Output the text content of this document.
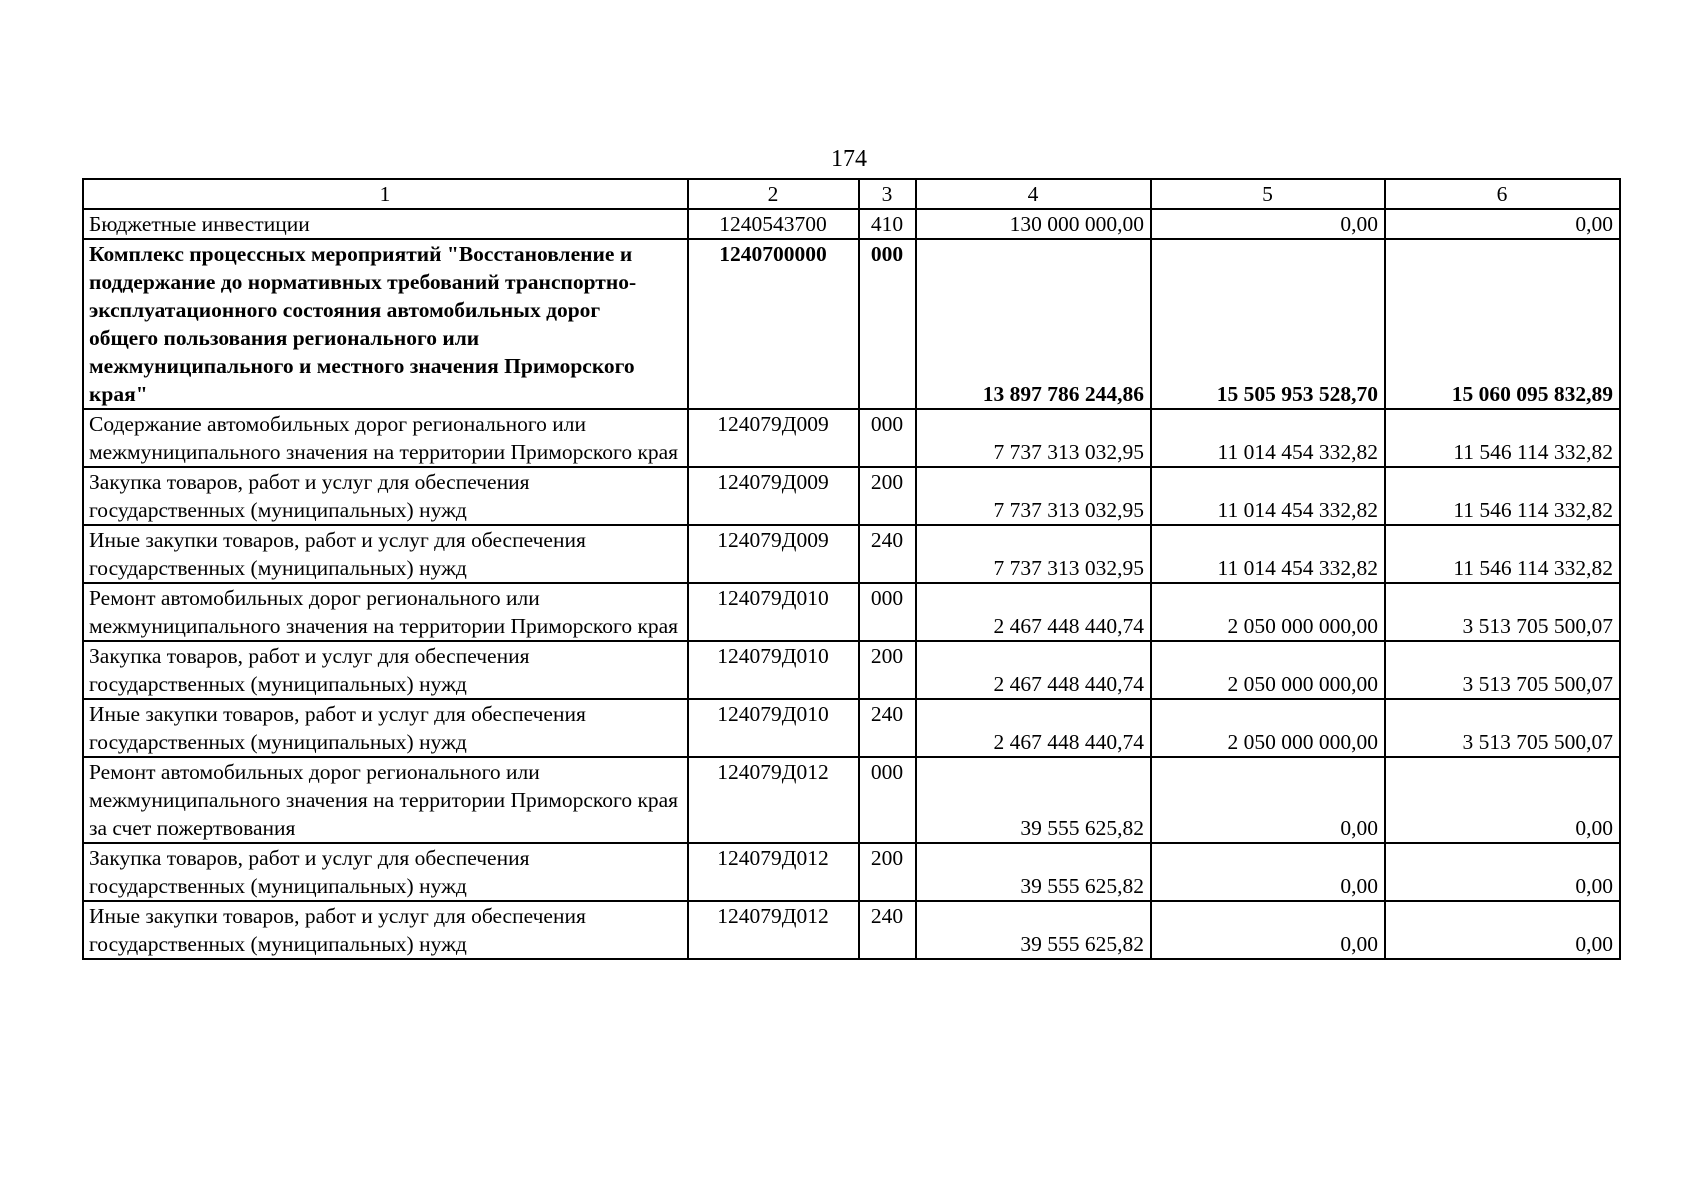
174
1	2	3	4	5	6
Бюджетные инвестиции	1240543700	410	130 000 000,00	0,00	0,00
Комплекс процессных мероприятий "Восстановление и поддержание до нормативных требований транспортно-эксплуатационного состояния автомобильных дорог общего пользования регионального или межмуниципального и местного значения Приморского края"	1240700000	000	13 897 786 244,86	15 505 953 528,70	15 060 095 832,89
Содержание автомобильных дорог регионального или межмуниципального значения на территории Приморского края	124079Д009	000	7 737 313 032,95	11 014 454 332,82	11 546 114 332,82
Закупка товаров, работ и услуг для обеспечения государственных (муниципальных) нужд	124079Д009	200	7 737 313 032,95	11 014 454 332,82	11 546 114 332,82
Иные закупки товаров, работ и услуг для обеспечения государственных (муниципальных) нужд	124079Д009	240	7 737 313 032,95	11 014 454 332,82	11 546 114 332,82
Ремонт автомобильных дорог регионального или межмуниципального значения на территории Приморского края	124079Д010	000	2 467 448 440,74	2 050 000 000,00	3 513 705 500,07
Закупка товаров, работ и услуг для обеспечения государственных (муниципальных) нужд	124079Д010	200	2 467 448 440,74	2 050 000 000,00	3 513 705 500,07
Иные закупки товаров, работ и услуг для обеспечения государственных (муниципальных) нужд	124079Д010	240	2 467 448 440,74	2 050 000 000,00	3 513 705 500,07
Ремонт автомобильных дорог регионального или межмуниципального значения на территории Приморского края за счет пожертвования	124079Д012	000	39 555 625,82	0,00	0,00
Закупка товаров, работ и услуг для обеспечения государственных (муниципальных) нужд	124079Д012	200	39 555 625,82	0,00	0,00
Иные закупки товаров, работ и услуг для обеспечения государственных (муниципальных) нужд	124079Д012	240	39 555 625,82	0,00	0,00
